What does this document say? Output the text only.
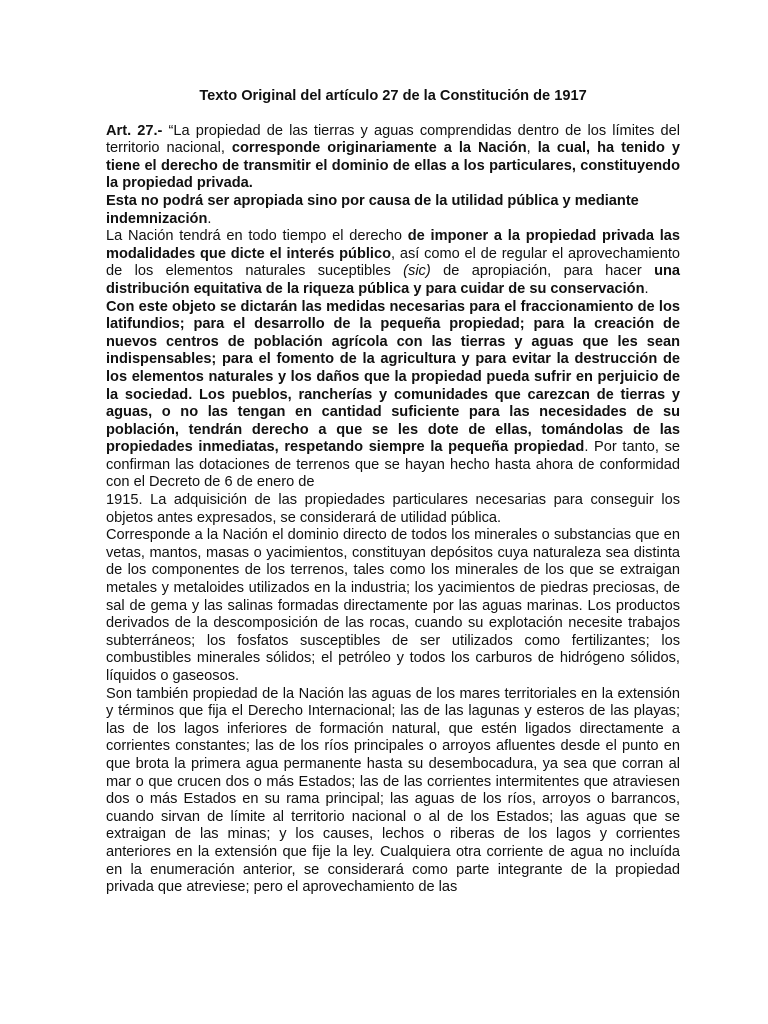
Texto Original del artículo 27 de la Constitución de 1917

Art. 27.- “La propiedad de las tierras y aguas comprendidas dentro de los límites del territorio nacional, corresponde originariamente a la Nación, la cual, ha tenido y tiene el derecho de transmitir el dominio de ellas a los particulares, constituyendo la propiedad privada.

Esta no podrá ser apropiada sino por causa de la utilidad pública y mediante indemnización.

La Nación tendrá en todo tiempo el derecho de imponer a la propiedad privada las modalidades que dicte el interés público, así como el de regular el aprovechamiento de los elementos naturales suceptibles (sic) de apropiación, para hacer una distribución equitativa de la riqueza pública y para cuidar de su conservación.

Con este objeto se dictarán las medidas necesarias para el fraccionamiento de los latifundios; para el desarrollo de la pequeña propiedad; para la creación de nuevos centros de población agrícola con las tierras y aguas que les sean indispensables; para el fomento de la agricultura y para evitar la destrucción de los elementos naturales y los daños que la propiedad pueda sufrir en perjuicio de la sociedad. Los pueblos, rancherías y comunidades que carezcan de tierras y aguas, o no las tengan en cantidad suficiente para las necesidades de su población, tendrán derecho a que se les dote de ellas, tomándolas de las propiedades inmediatas, respetando siempre la pequeña propiedad. Por tanto, se confirman las dotaciones de terrenos que se hayan hecho hasta ahora de conformidad con el Decreto de 6 de enero de

1915. La adquisición de las propiedades particulares necesarias para conseguir los objetos antes expresados, se considerará de utilidad pública.

Corresponde a la Nación el dominio directo de todos los minerales o substancias que en vetas, mantos, masas o yacimientos, constituyan depósitos cuya naturaleza sea distinta de los componentes de los terrenos, tales como los minerales de los que se extraigan metales y metaloides utilizados en la industria; los yacimientos de piedras preciosas, de sal de gema y las salinas formadas directamente por las aguas marinas. Los productos derivados de la descomposición de las rocas, cuando su explotación necesite trabajos subterráneos; los fosfatos susceptibles de ser utilizados como fertilizantes; los combustibles minerales sólidos; el petróleo y todos los carburos de hidrógeno sólidos, líquidos o gaseosos.

Son también propiedad de la Nación las aguas de los mares territoriales en la extensión y términos que fija el Derecho Internacional; las de las lagunas y esteros de las playas; las de los lagos inferiores de formación natural, que estén ligados directamente a corrientes constantes; las de los ríos principales o arroyos afluentes desde el punto en que brota la primera agua permanente hasta su desembocadura, ya sea que corran al mar o que crucen dos o más Estados; las de las corrientes intermitentes que atraviesen dos o más Estados en su rama principal; las aguas de los ríos, arroyos o barrancos, cuando sirvan de límite al territorio nacional o al de los Estados; las aguas que se extraigan de las minas; y los causes, lechos o riberas de los lagos y corrientes anteriores en la extensión que fije la ley. Cualquiera otra corriente de agua no incluída en la enumeración anterior, se considerará como parte integrante de la propiedad privada que atreviese; pero el aprovechamiento de las
